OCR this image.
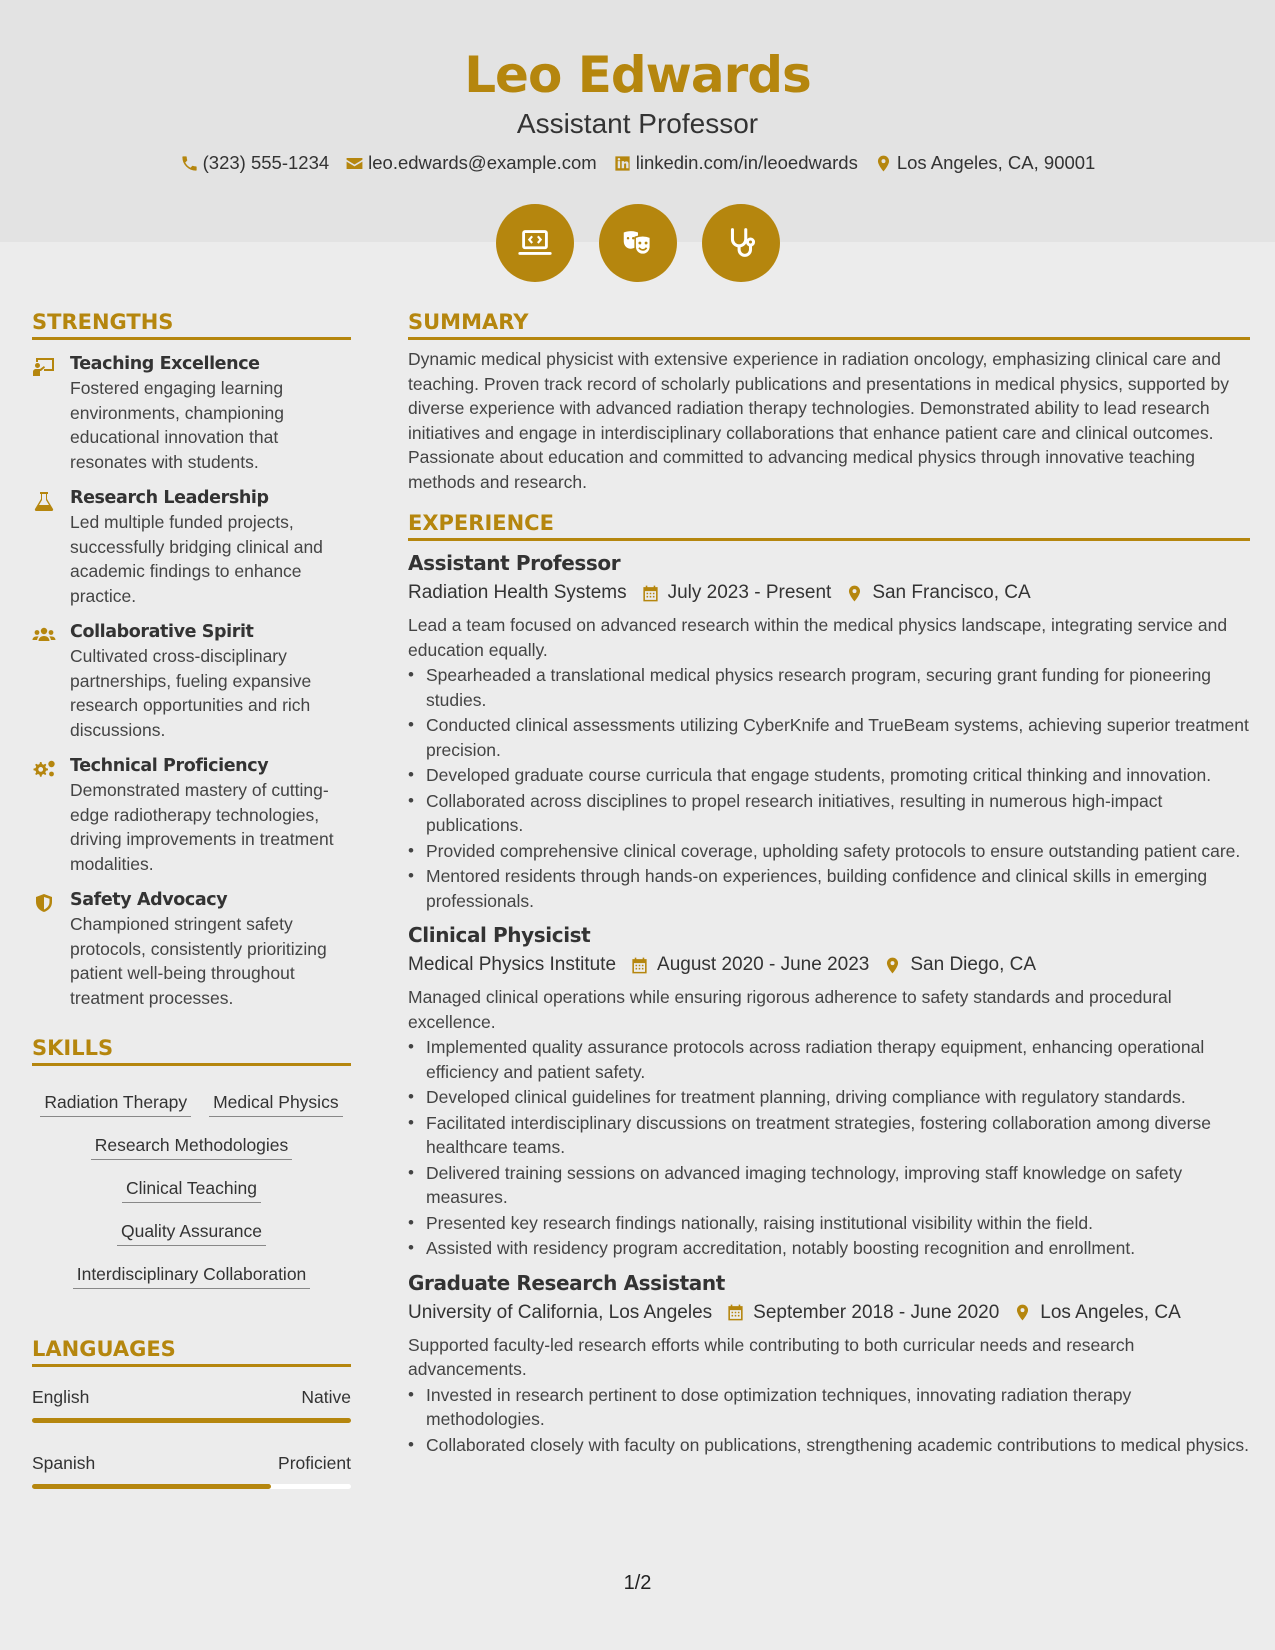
Leo Edwards
Assistant Professor
(323) 555-1234 leo.edwards@example.com linkedin.com/in/leoedwards Los Angeles, CA, 90001
STRENGTHS
Teaching Excellence
Fostered engaging learning environments, championing educational innovation that resonates with students.
Research Leadership
Led multiple funded projects, successfully bridging clinical and academic findings to enhance practice.
Collaborative Spirit
Cultivated cross-disciplinary partnerships, fueling expansive research opportunities and rich discussions.
Technical Proficiency
Demonstrated mastery of cutting-edge radiotherapy technologies, driving improvements in treatment modalities.
Safety Advocacy
Championed stringent safety protocols, consistently prioritizing patient well-being throughout treatment processes.
SKILLS
Radiation Therapy Medical Physics
Research Methodologies
Clinical Teaching
Quality Assurance
Interdisciplinary Collaboration
LANGUAGES
English	Native
Spanish	Proficient
SUMMARY
Dynamic medical physicist with extensive experience in radiation oncology, emphasizing clinical care and teaching. Proven track record of scholarly publications and presentations in medical physics, supported by diverse experience with advanced radiation therapy technologies. Demonstrated ability to lead research initiatives and engage in interdisciplinary collaborations that enhance patient care and clinical outcomes. Passionate about education and committed to advancing medical physics through innovative teaching methods and research.
EXPERIENCE
Assistant Professor
Radiation Health Systems July 2023 - Present San Francisco, CA
Lead a team focused on advanced research within the medical physics landscape, integrating service and education equally.
• Spearheaded a translational medical physics research program, securing grant funding for pioneering studies.
• Conducted clinical assessments utilizing CyberKnife and TrueBeam systems, achieving superior treatment precision.
• Developed graduate course curricula that engage students, promoting critical thinking and innovation.
• Collaborated across disciplines to propel research initiatives, resulting in numerous high-impact publications.
• Provided comprehensive clinical coverage, upholding safety protocols to ensure outstanding patient care.
• Mentored residents through hands-on experiences, building confidence and clinical skills in emerging professionals.
Clinical Physicist
Medical Physics Institute August 2020 - June 2023 San Diego, CA
Managed clinical operations while ensuring rigorous adherence to safety standards and procedural excellence.
• Implemented quality assurance protocols across radiation therapy equipment, enhancing operational efficiency and patient safety.
• Developed clinical guidelines for treatment planning, driving compliance with regulatory standards.
• Facilitated interdisciplinary discussions on treatment strategies, fostering collaboration among diverse healthcare teams.
• Delivered training sessions on advanced imaging technology, improving staff knowledge on safety measures.
• Presented key research findings nationally, raising institutional visibility within the field.
• Assisted with residency program accreditation, notably boosting recognition and enrollment.
Graduate Research Assistant
University of California, Los Angeles September 2018 - June 2020 Los Angeles, CA
Supported faculty-led research efforts while contributing to both curricular needs and research advancements.
• Invested in research pertinent to dose optimization techniques, innovating radiation therapy methodologies.
• Collaborated closely with faculty on publications, strengthening academic contributions to medical physics.
1/2
